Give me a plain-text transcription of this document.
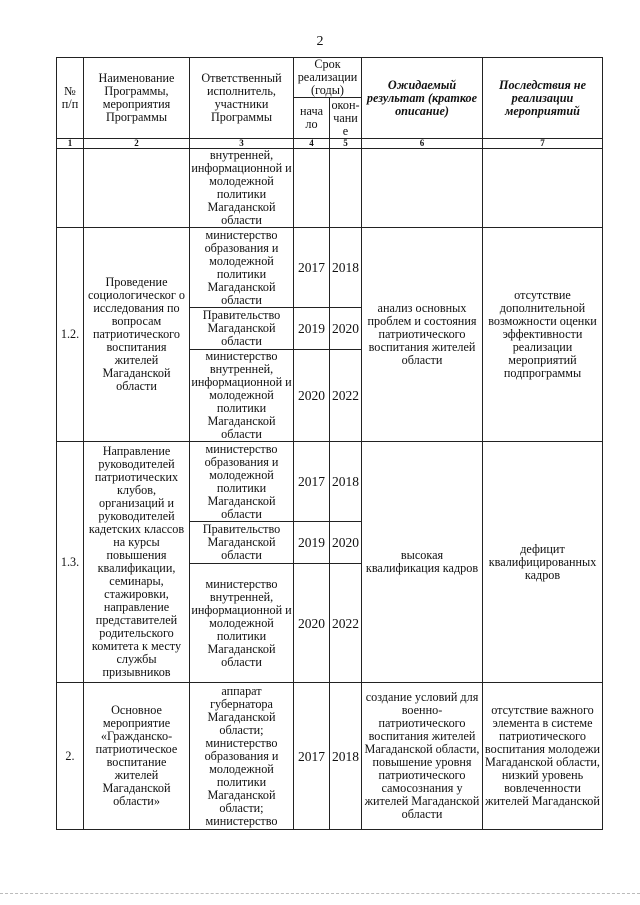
2
№ п/п	Наименование Программы, мероприятия Программы	Ответственный исполнитель, участники Программы	Срок реализации (годы)		Ожидаемый результат (краткое описание)	Последствия не реализации мероприятий
			нача ло	окон- чани е		
1	2	3	4	5	6	7
		внутренней, информационной и молодежной политики Магаданской области				
1.2.	Проведение социологическог о исследования по вопросам патриотического воспитания жителей Магаданской области	министерство образования и молодежной политики Магаданской области	2017	2018	анализ основных проблем и состояния патриотического воспитания жителей области	отсутствие дополнительной возможности оценки эффективности реализации мероприятий подпрограммы
		Правительство Магаданской области	2019	2020		
		министерство внутренней, информационной и молодежной политики Магаданской области	2020	2022		
1.3.	Направление руководителей патриотических клубов, организаций и руководителей кадетских классов на курсы повышения квалификации, семинары, стажировки, направление представителей родительского комитета к месту службы призывников	министерство образования и молодежной политики Магаданской области	2017	2018	высокая квалификация кадров	дефицит квалифицированных кадров
		Правительство Магаданской области	2019	2020		
		министерство внутренней, информационной и молодежной политики Магаданской области	2020	2022		
2.	Основное мероприятие «Гражданско-патриотическое воспитание жителей Магаданской области»	аппарат губернатора Магаданской области; министерство образования и молодежной политики Магаданской области; министерство	2017	2018	создание условий для военно-патриотического воспитания жителей Магаданской области, повышение уровня патриотического самосознания у жителей Магаданской области	отсутствие важного элемента в системе патриотического воспитания молодежи Магаданской области, низкий уровень вовлеченности жителей Магаданской
